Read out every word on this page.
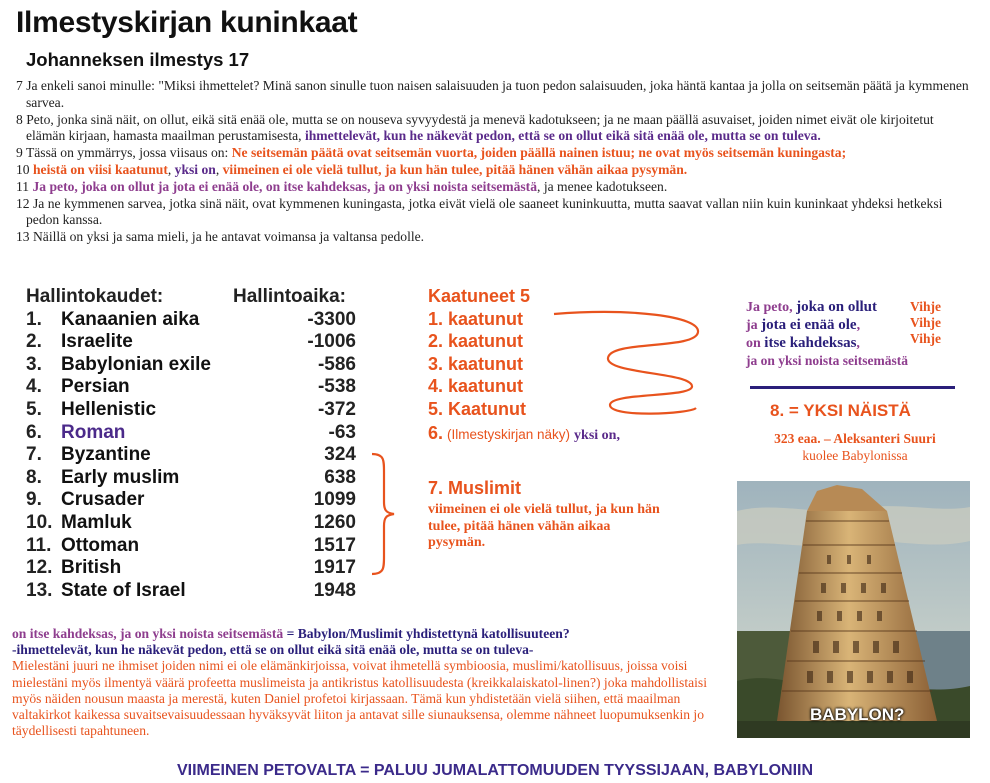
Ilmestyskirjan kuninkaat
Johanneksen ilmestys 17
7 Ja enkeli sanoi minulle: "Miksi ihmettelet? Minä sanon sinulle tuon naisen salaisuuden ja tuon pedon salaisuuden, joka häntä kantaa ja jolla on seitsemän päätä ja kymmenen sarvea.
8 Peto, jonka sinä näit, on ollut, eikä sitä enää ole, mutta se on nouseva syvyydestä ja menevä kadotukseen; ja ne maan päällä asuvaiset, joiden nimet eivät ole kirjoitetut elämän kirjaan, hamasta maailman perustamisesta, ihmettelevät, kun he näkevät pedon, että se on ollut eikä sitä enää ole, mutta se on tuleva.
9 Tässä on ymmärrys, jossa viisaus on: Ne seitsemän päätä ovat seitsemän vuorta, joiden päällä nainen istuu; ne ovat myös seitsemän kuningasta;
10 heistä on viisi kaatunut, yksi on, viimeinen ei ole vielä tullut, ja kun hän tulee, pitää hänen vähän aikaa pysymän.
11 Ja peto, joka on ollut ja jota ei enää ole, on itse kahdeksas, ja on yksi noista seitsemästä, ja menee kadotukseen.
12 Ja ne kymmenen sarvea, jotka sinä näit, ovat kymmenen kuningasta, jotka eivät vielä ole saaneet kuninkuutta, mutta saavat vallan niin kuin kuninkaat yhdeksi hetkeksi pedon kanssa.
13 Näillä on yksi ja sama mieli, ja he antavat voimansa ja valtansa pedolle.
Hallintokaudet:	Hallintoaika:
1. Kanaanien aika	-3300
2. Israelite	-1006
3. Babylonian exile	-586
4. Persian	-538
5. Hellenistic	-372
6. Roman	-63
7. Byzantine	324
8. Early muslim	638
9. Crusader	1099
10. Mamluk	1260
11. Ottoman	1517
12. British	1917
13. State of Israel	1948
Kaatuneet 5
1. kaatunut
2. kaatunut
3. kaatunut
4. kaatunut
5. Kaatunut
6. (Ilmestyskirjan näky) yksi on,
7. Muslimit
viimeinen ei ole vielä tullut, ja kun hän tulee, pitää hänen vähän aikaa pysymän.
Ja peto, joka on ollut Vihje
ja jota ei enää ole,	Vihje
on itse kahdeksas,	Vihje
ja on yksi noista seitsemästä
8. = YKSI NÄISTÄ
323 eaa. – Aleksanteri Suuri
kuolee Babylonissa
BABYLON?
on itse kahdeksas, ja on yksi noista seitsemästä = Babylon/Muslimit yhdistettynä katollisuuteen?
-ihmettelevät, kun he näkevät pedon, että se on ollut eikä sitä enää ole, mutta se on tuleva-
Mielestäni juuri ne ihmiset joiden nimi ei ole elämänkirjoissa, voivat ihmetellä symbioosia, muslimi/katollisuus, joissa voisi mielestäni myös ilmentyä väärä profeetta muslimeista ja antikristus katollisuudesta (kreikkalaiskatol-linen?) joka mahdollistaisi myös näiden nousun maasta ja merestä, kuten Daniel profetoi kirjassaan. Tämä kun yhdistetään vielä siihen, että maailman valtakirkot kaikessa suvaitsevaisuudessaan hyväksyvät liiton ja antavat sille siunauksensa, olemme nähneet luopumuksenkin jo täydellisesti tapahtuneen.
VIIMEINEN PETOVALTA = PALUU JUMALATTOMUUDEN TYYSSIJAAN, BABYLONIIN
